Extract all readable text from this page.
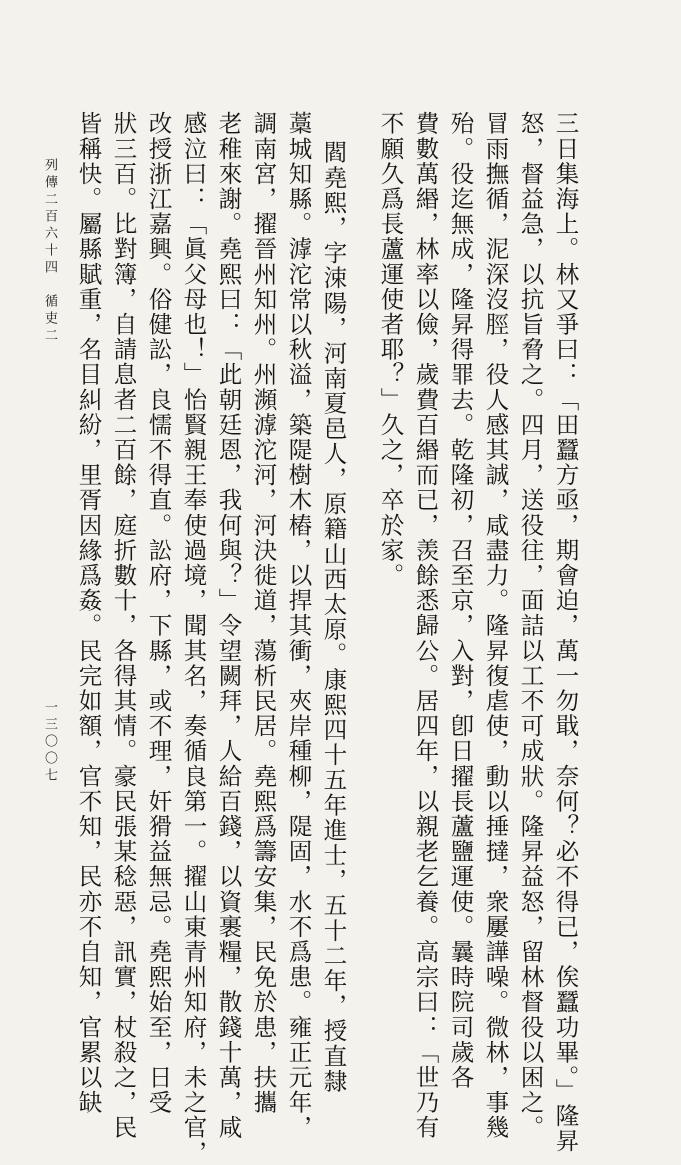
三日集海上。林又爭曰：「田蠶方亟，期會迫，萬一勿戢，奈何？必不得已，俟蠶功畢。」隆昇
怒，督益急，以抗旨脅之。四月，送役往，面詰以工不可成狀。隆昇益怒，留林督役以困之。
冒雨撫循，泥深沒脛，役人感其誠，咸盡力。隆昇復虐使，動以捶撻，衆屢譁噪。微林，事幾
殆。役迄無成，隆昇得罪去。乾隆初，召至京，入對，卽日擢長蘆鹽運使。曩時院司歲各
費數萬緡，林率以儉，歲費百緡而已，羡餘悉歸公。居四年，以親老乞養。高宗曰：「世乃有
不願久爲長蘆運使者耶？」久之，卒於家。
閻堯熙，字涑陽，河南夏邑人，原籍山西太原。康熙四十五年進士，五十二年，授直隸
藁城知縣。滹沱常以秋溢，築隄樹木樁，以捍其衝，夾岸種柳，隄固，水不爲患。雍正元年，
調南宮，擢晉州知州。州瀕滹沱河，河決徙道，蕩析民居。堯熙爲籌安集，民免於患，扶攜
老稚來謝。堯熙曰：「此朝廷恩，我何與？」令望闕拜，人給百錢，以資裹糧，散錢十萬，咸
感泣曰：「眞父母也！」怡賢親王奉使過境，聞其名，奏循良第一。擢山東青州知府，未之官，
改授浙江嘉興。俗健訟，良懦不得直。訟府，下縣，或不理，奸猾益無忌。堯熙始至，日受
狀三百。比對簿，自請息者二百餘，庭折數十，各得其情。豪民張某稔惡，訊實，杖殺之，民
皆稱快。屬縣賦重，名目糾紛，里胥因緣爲姦。民完如額，官不知，民亦不自知，官累以缺
列傳二百六十四　循吏二
一三〇〇七
